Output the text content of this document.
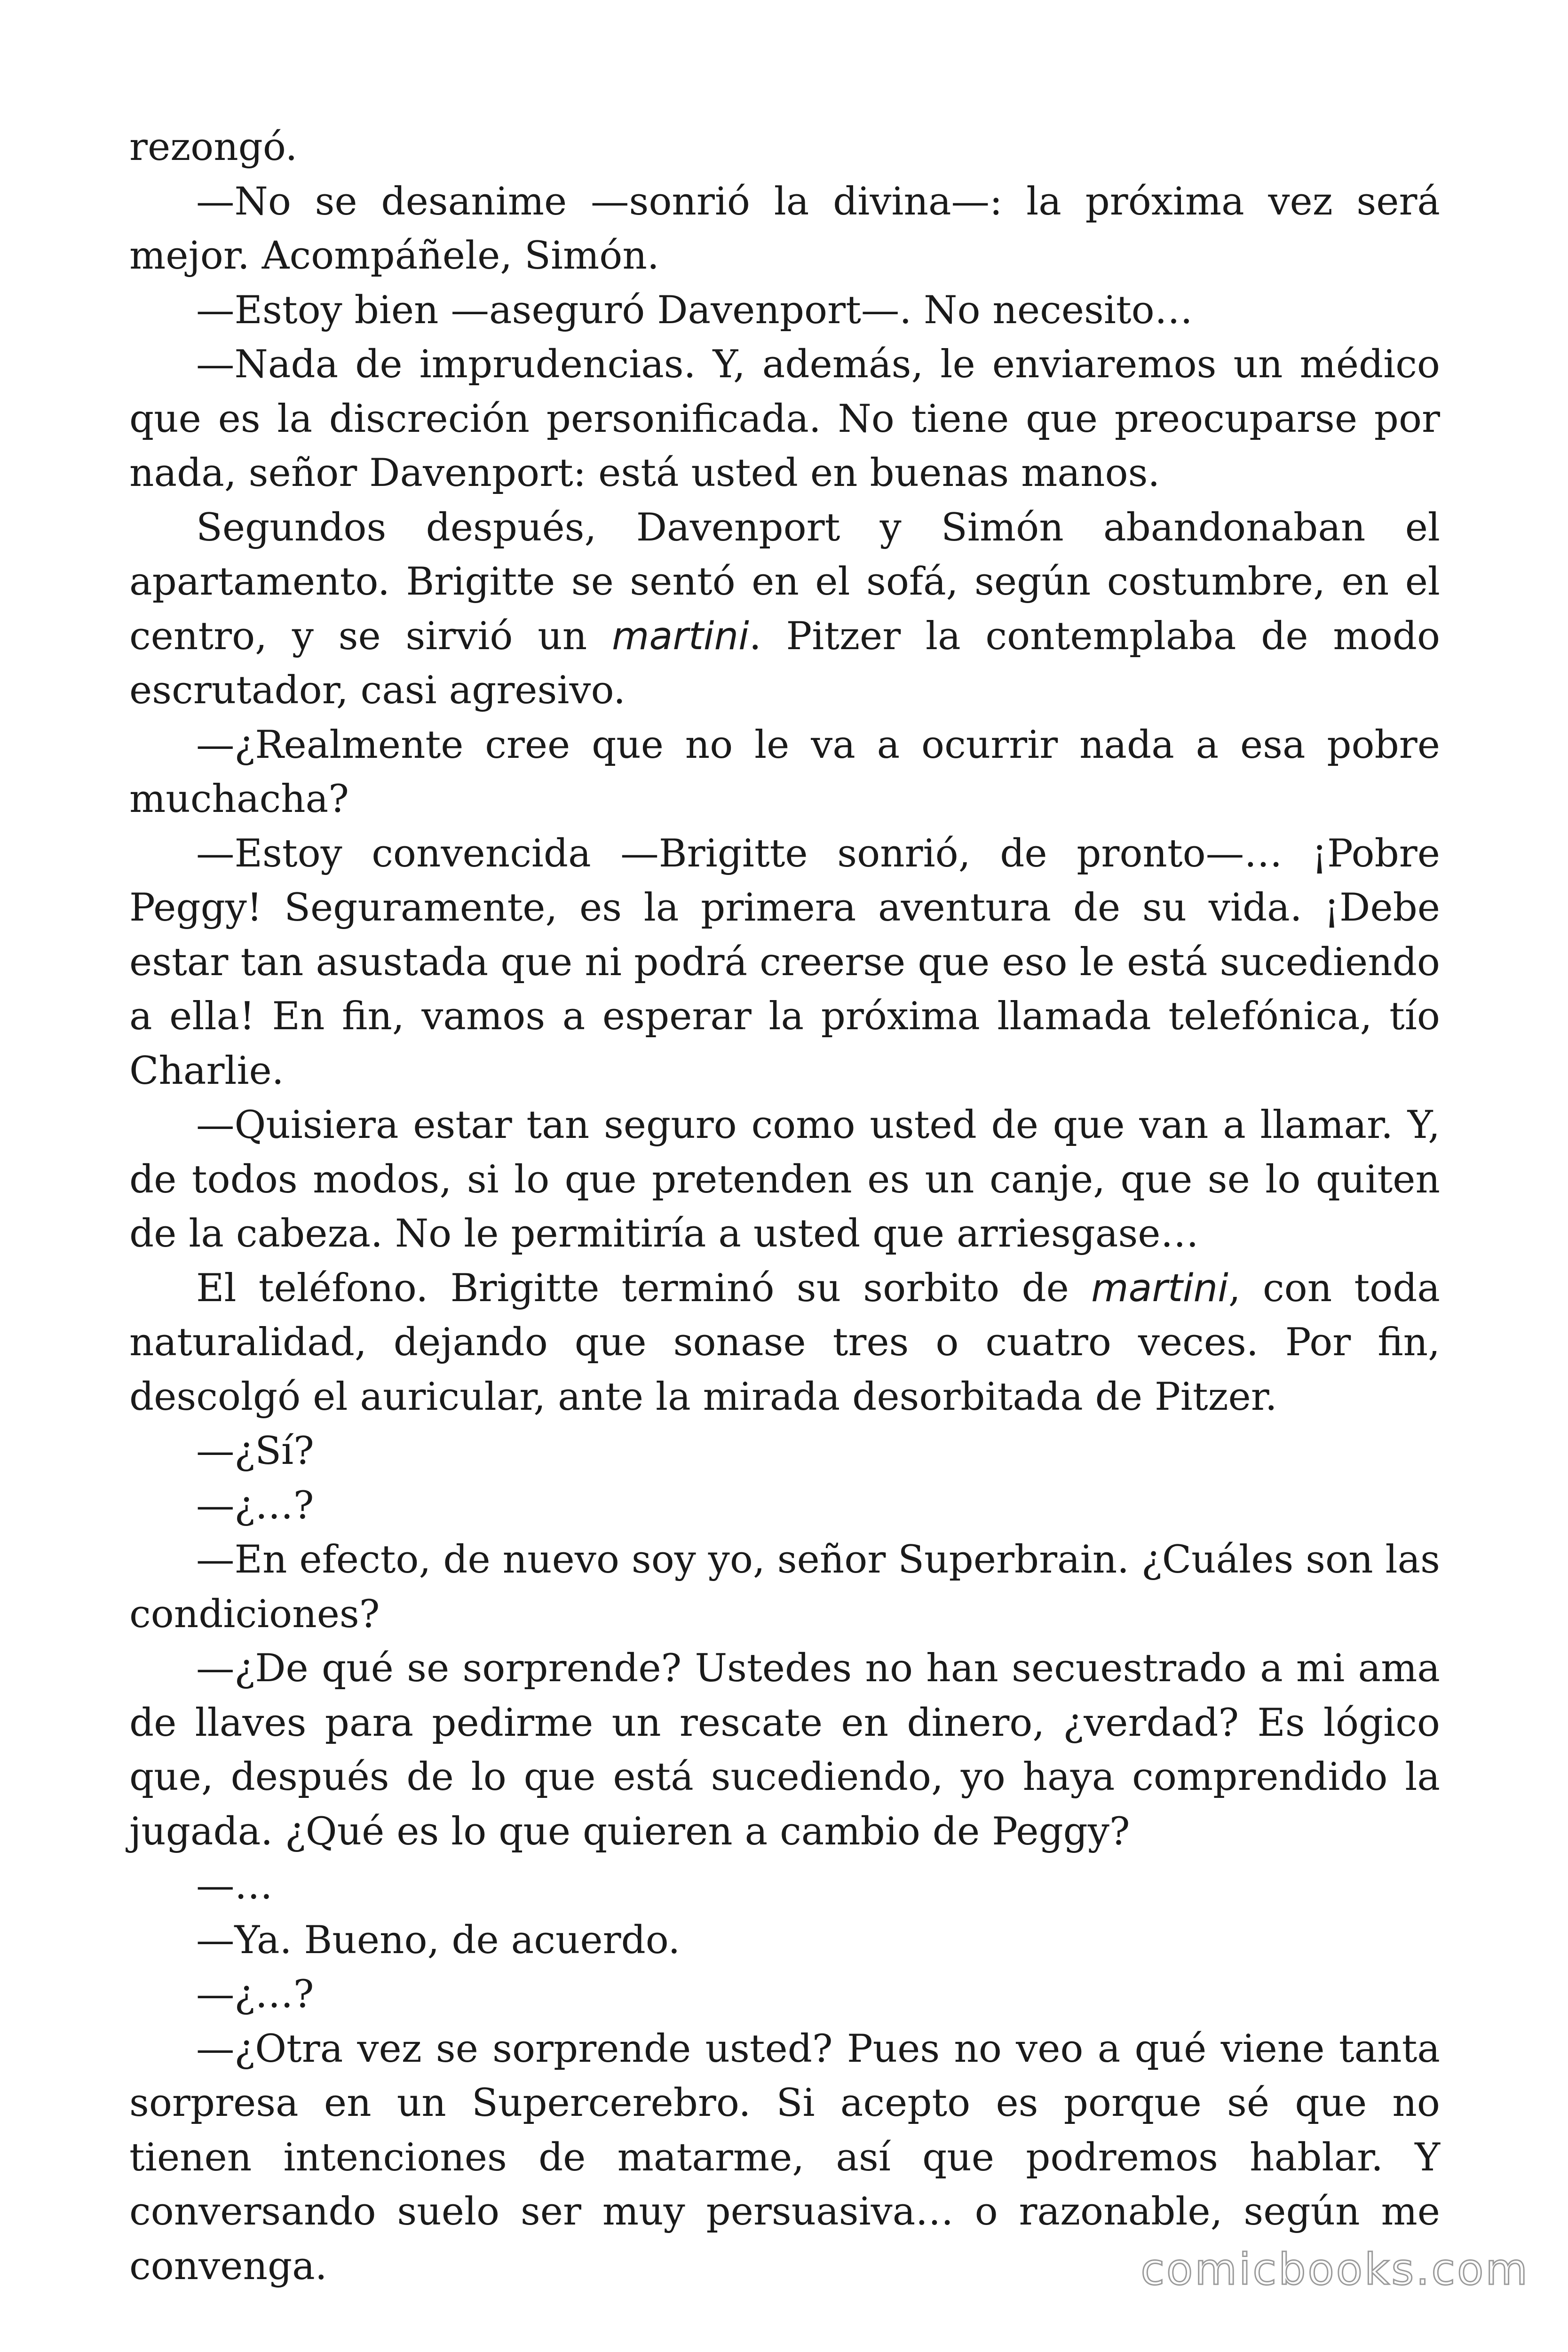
rezongó.

—No se desanime —sonrió la divina—: la próxima vez será mejor. Acompáñele, Simón.

—Estoy bien —aseguró Davenport—. No necesito…

—Nada de imprudencias. Y, además, le enviaremos un médico que es la discreción personificada. No tiene que preocuparse por nada, señor Davenport: está usted en buenas manos.

Segundos después, Davenport y Simón abandonaban el apartamento. Brigitte se sentó en el sofá, según costumbre, en el centro, y se sirvió un martini. Pitzer la contemplaba de modo escrutador, casi agresivo.

—¿Realmente cree que no le va a ocurrir nada a esa pobre muchacha?

—Estoy convencida —Brigitte sonrió, de pronto—… ¡Pobre Peggy! Seguramente, es la primera aventura de su vida. ¡Debe estar tan asustada que ni podrá creerse que eso le está sucediendo a ella! En fin, vamos a esperar la próxima llamada telefónica, tío Charlie.

—Quisiera estar tan seguro como usted de que van a llamar. Y, de todos modos, si lo que pretenden es un canje, que se lo quiten de la cabeza. No le permitiría a usted que arriesgase…

El teléfono. Brigitte terminó su sorbito de martini, con toda naturalidad, dejando que sonase tres o cuatro veces. Por fin, descolgó el auricular, ante la mirada desorbitada de Pitzer.

—¿Sí?

—¿…?

—En efecto, de nuevo soy yo, señor Superbrain. ¿Cuáles son las condiciones?

—¿De qué se sorprende? Ustedes no han secuestrado a mi ama de llaves para pedirme un rescate en dinero, ¿verdad? Es lógico que, después de lo que está sucediendo, yo haya comprendido la jugada. ¿Qué es lo que quieren a cambio de Peggy?

—…

—Ya. Bueno, de acuerdo.

—¿…?

—¿Otra vez se sorprende usted? Pues no veo a qué viene tanta sorpresa en un Supercerebro. Si acepto es porque sé que no tienen intenciones de matarme, así que podremos hablar. Y conversando suelo ser muy persuasiva… o razonable, según me convenga.	comicbooks.com
